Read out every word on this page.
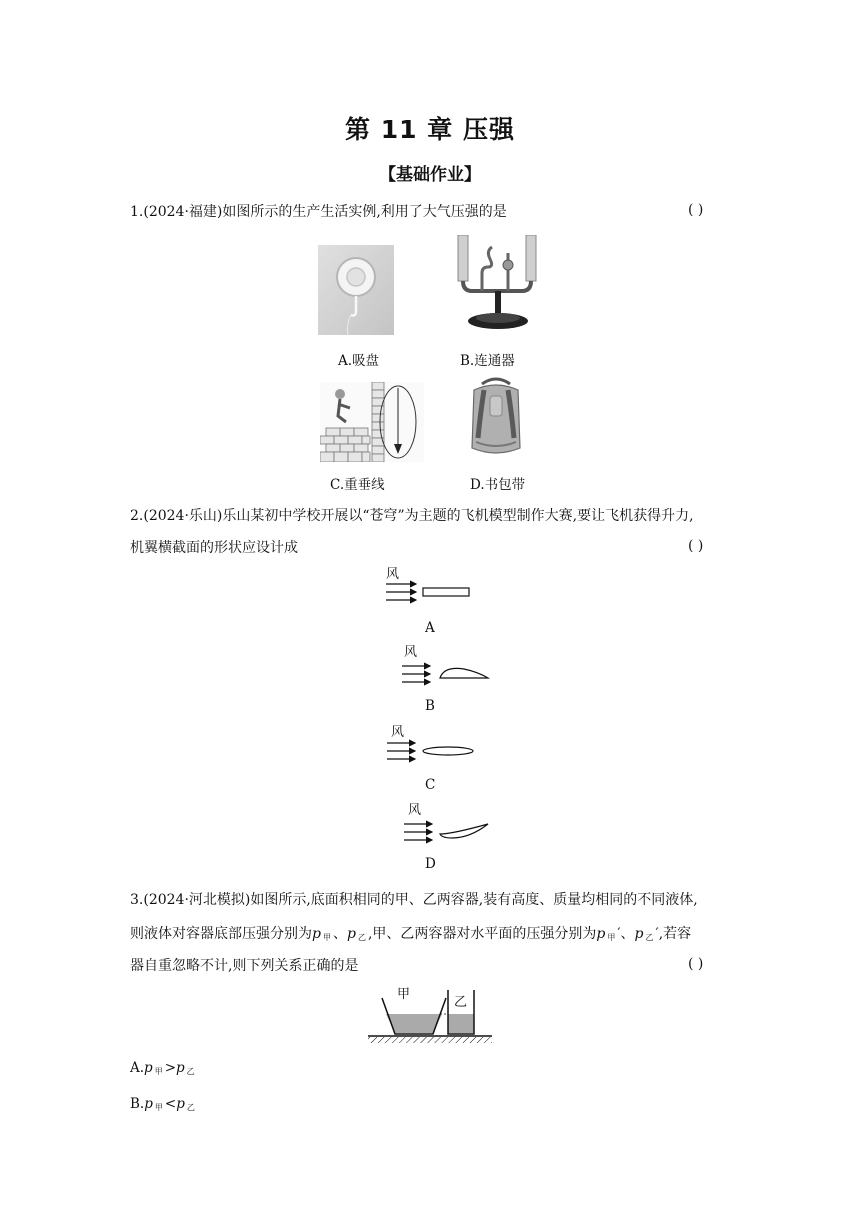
第 11 章 压强
【基础作业】
1.(2024·福建)如图所示的生产生活实例,利用了大气压强的是	( )
A.吸盘	B.连通器
C.重垂线	D.书包带
2.(2024·乐山)乐山某初中学校开展以“苍穹”为主题的飞机模型制作大赛,要让飞机获得升力,
机翼横截面的形状应设计成	( )
风
A
风
B
风
C
风
D
3.(2024·河北模拟)如图所示,底面积相同的甲、乙两容器,装有高度、质量均相同的不同液体,
则液体对容器底部压强分别为p $_甲$ 、p $_乙$ ,甲、乙两容器对水平面的压强分别为p $_甲$ ′、p $_乙$ ′,若容
器自重忽略不计,则下列关系正确的是	( )
甲
乙
A.p $_甲$ >p $_乙$
B.p $_甲$ <p $_乙$
